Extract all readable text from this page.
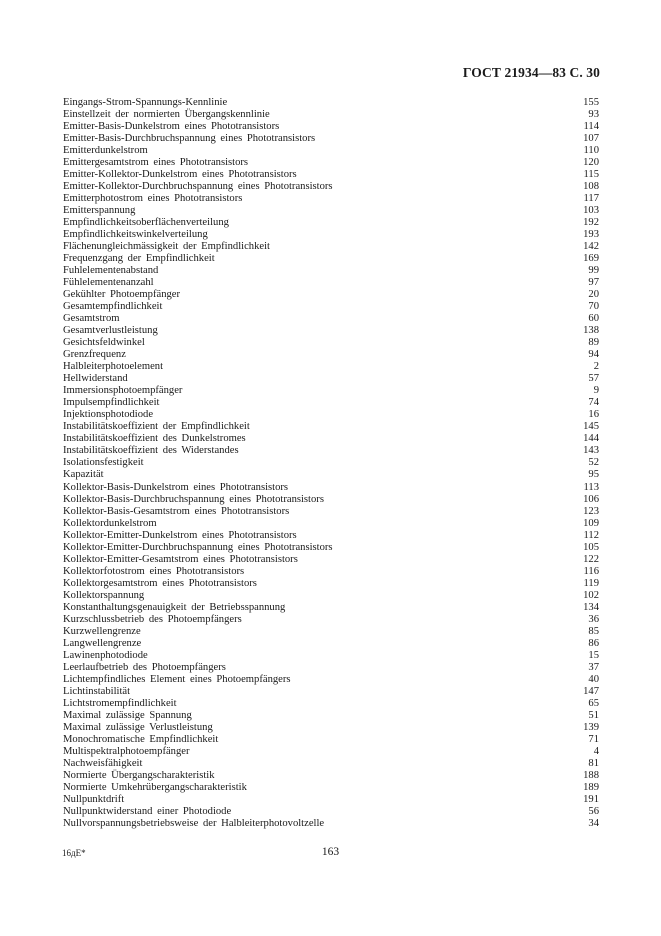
ГОСТ 21934—83 С. 30
Eingangs-Strom-Spannungs-Kennlinie	155
Einstellzeit der normierten Übergangskennlinie	93
Emitter-Basis-Dunkelstrom eines Phototransistors	114
Emitter-Basis-Durchbruchspannung eines Phototransistors	107
Emitterdunkelstrom	110
Emittergesamtstrom eines Phototransistors	120
Emitter-Kollektor-Dunkelstrom eines Phototransistors	115
Emitter-Kollektor-Durchbruchspannung eines Phototransistors	108
Emitterphotostrom eines Phototransistors	117
Emitterspannung	103
Empfindlichkeitsoberflächenverteilung	192
Empfindlichkeitswinkelverteilung	193
Flächenungleichmässigkeit der Empfindlichkeit	142
Frequenzgang der Empfindlichkeit	169
Fuhlelementenabstand	99
Fühlelementenanzahl	97
Gekühlter Photoempfänger	20
Gesamtempfindlichkeit	70
Gesamtstrom	60
Gesamtverlustleistung	138
Gesichtsfeldwinkel	89
Grenzfrequenz	94
Halbleiterphotoelement	2
Hellwiderstand	57
Immersionsphotoempfänger	9
Impulsempfindlichkeit	74
Injektionsphotodiode	16
Instabilitätskoeffizient der Empfindlichkeit	145
Instabilitätskoeffizient des Dunkelstromes	144
Instabilitätskoeffizient des Widerstandes	143
Isolationsfestigkeit	52
Kapazität	95
Kollektor-Basis-Dunkelstrom eines Phototransistors	113
Kollektor-Basis-Durchbruchspannung eines Phototransistors	106
Kollektor-Basis-Gesamtstrom eines Phototransistors	123
Kollektordunkelstrom	109
Kollektor-Emitter-Dunkelstrom eines Phototransistors	112
Kollektor-Emitter-Durchbruchspannung eines Phototransistors	105
Kollektor-Emitter-Gesamtstrom eines Phototransistors	122
Kollektorfotostrom eines Phototransistors	116
Kollektorgesamtstrom eines Phototransistors	119
Kollektorspannung	102
Konstanthaltungsgenauigkeit der Betriebsspannung	134
Kurzschlussbetrieb des Photoempfängers	36
Kurzwellengrenze	85
Langwellengrenze	86
Lawinenphotodiode	15
Leerlaufbetrieb des Photoempfängers	37
Lichtempfindliches Element eines Photoempfängers	40
Lichtinstabilität	147
Lichtstromempfindlichkeit	65
Maximal zulässige Spannung	51
Maximal zulässige Verlustleistung	139
Monochromatische Empfindlichkeit	71
Multispektralphotoempfänger	4
Nachweisfähigkeit	81
Normierte Übergangscharakteristik	188
Normierte Umkehrübergangscharakteristik	189
Nullpunktdrift	191
Nullpunktwiderstand einer Photodiode	56
Nullvorspannungsbetriebsweise der Halbleiterphotovoltzelle	34
16дЕ*	163
